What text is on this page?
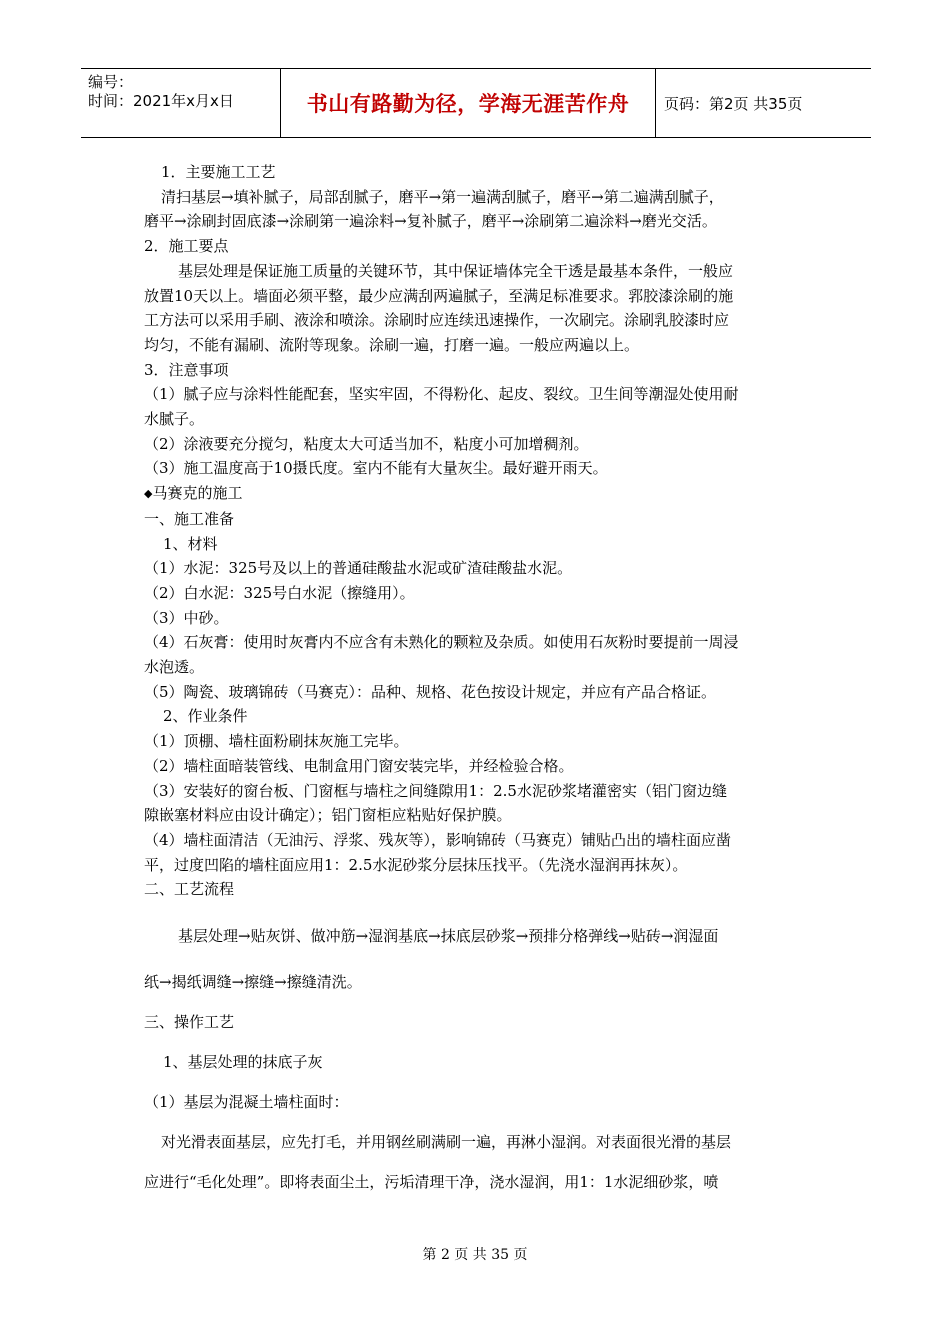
编号：
时间：2021年x月x日	书山有路勤为径，学海无涯苦作舟	页码：第2页 共35页

1．主要施工工艺

清扫基层→填补腻子，局部刮腻子，磨平→第一遍满刮腻子，磨平→第二遍满刮腻子，

磨平→涂刷封固底漆→涂刷第一遍涂料→复补腻子，磨平→涂刷第二遍涂料→磨光交活。

2．施工要点

基层处理是保证施工质量的关键环节，其中保证墙体完全干透是最基本条件，一般应

放置10天以上。墙面必须平整，最少应满刮两遍腻子，至满足标准要求。郛胶漆涂刷的施

工方法可以采用手刷、液涂和喷涂。涂刷时应连续迅速操作，一次刷完。涂刷乳胶漆时应

均匀，不能有漏刷、流附等现象。涂刷一遍，打磨一遍。一般应两遍以上。

3．注意事项

（1）腻子应与涂料性能配套，坚实牢固，不得粉化、起皮、裂纹。卫生间等潮湿处使用耐

水腻子。

（2）涂液要充分搅匀，粘度太大可适当加不，粘度小可加增稠剂。

（3）施工温度高于10摄氏度。室内不能有大量灰尘。最好避开雨天。

◆马赛克的施工

一、施工准备

1、材料

（1）水泥：325号及以上的普通硅酸盐水泥或矿渣硅酸盐水泥。

（2）白水泥：325号白水泥（擦缝用）。

（3）中砂。

（4）石灰膏：使用时灰膏内不应含有未熟化的颗粒及杂质。如使用石灰粉时要提前一周浸

水泡透。

（5）陶瓷、玻璃锦砖（马赛克）：品种、规格、花色按设计规定，并应有产品合格证。

2、作业条件

（1）顶棚、墙柱面粉刷抹灰施工完毕。

（2）墙柱面暗装管线、电制盒用门窗安装完毕，并经检验合格。

（3）安装好的窗台板、门窗框与墙柱之间缝隙用1：2.5水泥砂浆堵灌密实（铝门窗边缝

隙嵌塞材料应由设计确定）；铝门窗柜应粘贴好保护膜。

（4）墙柱面清洁（无油污、浮浆、残灰等），影响锦砖（马赛克）铺贴凸出的墙柱面应凿

平，过度凹陷的墙柱面应用1：2.5水泥砂浆分层抹压找平。（先浇水湿润再抹灰）。

二、工艺流程

基层处理→贴灰饼、做冲筋→湿润基底→抹底层砂浆→预排分格弹线→贴砖→润湿面

纸→揭纸调缝→擦缝→擦缝清洗。

三、操作工艺

1、基层处理的抹底子灰

（1）基层为混凝土墙柱面时：

对光滑表面基层，应先打毛，并用钢丝刷满刷一遍，再淋小湿润。对表面很光滑的基层

应进行“毛化处理”。即将表面尘土，污垢清理干净，浇水湿润，用1：1水泥细砂浆，喷

第 2 页 共 35 页
